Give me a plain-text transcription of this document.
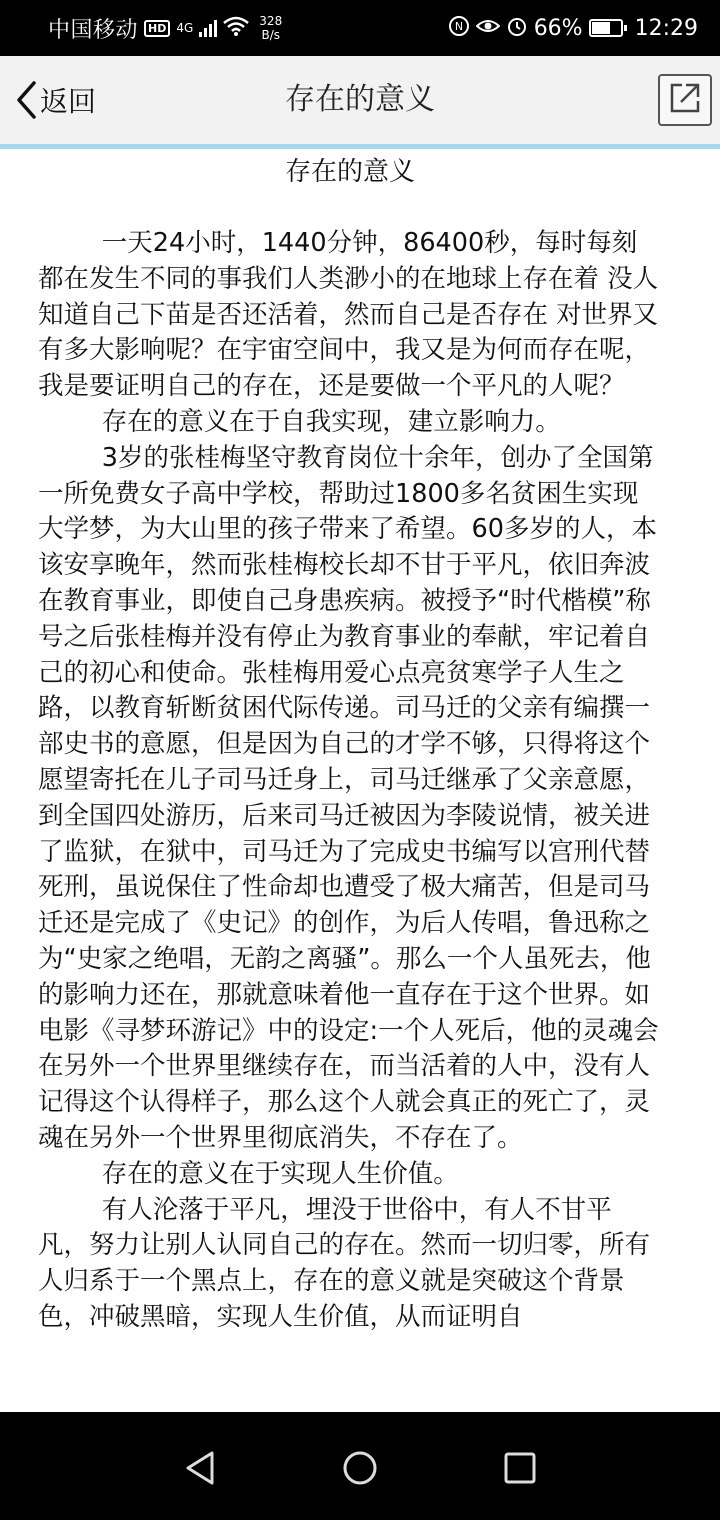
中国移动 HD 4G	328
B/s
N	66% 12:29
返回	存在的意义
存在的意义

一天24小时，1440分钟，86400秒，每时每刻都在发生不同的事我们人类渺小的在地球上存在着 没人知道自己下苗是否还活着，然而自己是否存在 对世界又有多大影响呢？在宇宙空间中，我又是为何而存在呢，我是要证明自己的存在，还是要做一个平凡的人呢？

存在的意义在于自我实现，建立影响力。

3岁的张桂梅坚守教育岗位十余年，创办了全国第一所免费女子高中学校，帮助过1800多名贫困生实现大学梦，为大山里的孩子带来了希望。60多岁的人，本该安享晚年，然而张桂梅校长却不甘于平凡，依旧奔波在教育事业，即使自己身患疾病。被授予“时代楷模”称号之后张桂梅并没有停止为教育事业的奉献，牢记着自己的初心和使命。张桂梅用爱心点亮贫寒学子人生之路，以教育斩断贫困代际传递。司马迁的父亲有编撰一部史书的意愿，但是因为自己的才学不够，只得将这个愿望寄托在儿子司马迁身上，司马迁继承了父亲意愿，到全国四处游历，后来司马迁被因为李陵说情，被关进了监狱，在狱中，司马迁为了完成史书编写以宫刑代替死刑，虽说保住了性命却也遭受了极大痛苦，但是司马迁还是完成了《史记》的创作，为后人传唱，鲁迅称之为“史家之绝唱，无韵之离骚”。那么一个人虽死去，他的影响力还在，那就意味着他一直存在于这个世界。如电影《寻梦环游记》中的设定:一个人死后，他的灵魂会在另外一个世界里继续存在，而当活着的人中，没有人记得这个认得样子，那么这个人就会真正的死亡了，灵魂在另外一个世界里彻底消失，不存在了。

存在的意义在于实现人生价值。

有人沦落于平凡，埋没于世俗中，有人不甘平凡，努力让别人认同自己的存在。然而一切归零，所有人归系于一个黑点上，存在的意义就是突破这个背景色，冲破黑暗，实现人生价值，从而证明自
